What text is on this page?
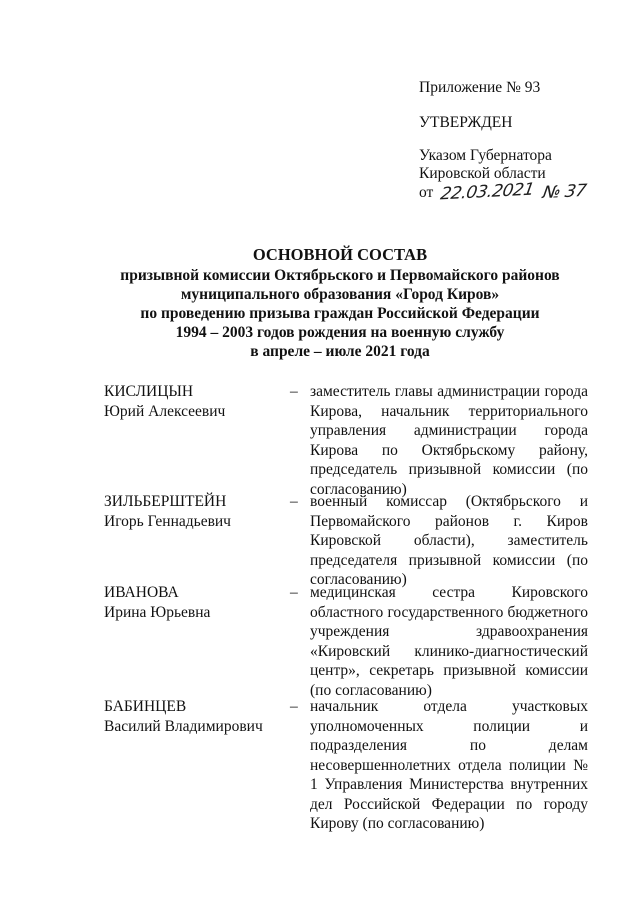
Приложение № 93
УТВЕРЖДЕН
Указом Губернатора
Кировской области
от 22.03.2021 № 37
ОСНОВНОЙ СОСТАВ
призывной комиссии Октябрьского и Первомайского районов
муниципального образования «Город Киров»
по проведению призыва граждан Российской Федерации
1994 – 2003 годов рождения на военную службу
в апреле – июле 2021 года
КИСЛИЦЫН
Юрий Алексеевич
– заместитель главы администрации города Кирова, начальник территориального управления администрации города Кирова по Октябрьскому району, председатель призывной комиссии (по согласованию)

ЗИЛЬБЕРШТЕЙН
Игорь Геннадьевич
– военный комиссар (Октябрьского и Первомайского районов г. Киров Кировской области), заместитель председателя призывной комиссии (по согласованию)

ИВАНОВА
Ирина Юрьевна
– медицинская сестра Кировского областного государственного бюджетного учреждения здравоохранения «Кировский клинико-диагностический центр», секретарь призывной комиссии (по согласованию)

БАБИНЦЕВ
Василий Владимирович
– начальник отдела участковых уполномоченных полиции и подразделения по делам несовершеннолетних отдела полиции № 1 Управления Министерства внутренних дел Российской Федерации по городу Кирову (по согласованию)
